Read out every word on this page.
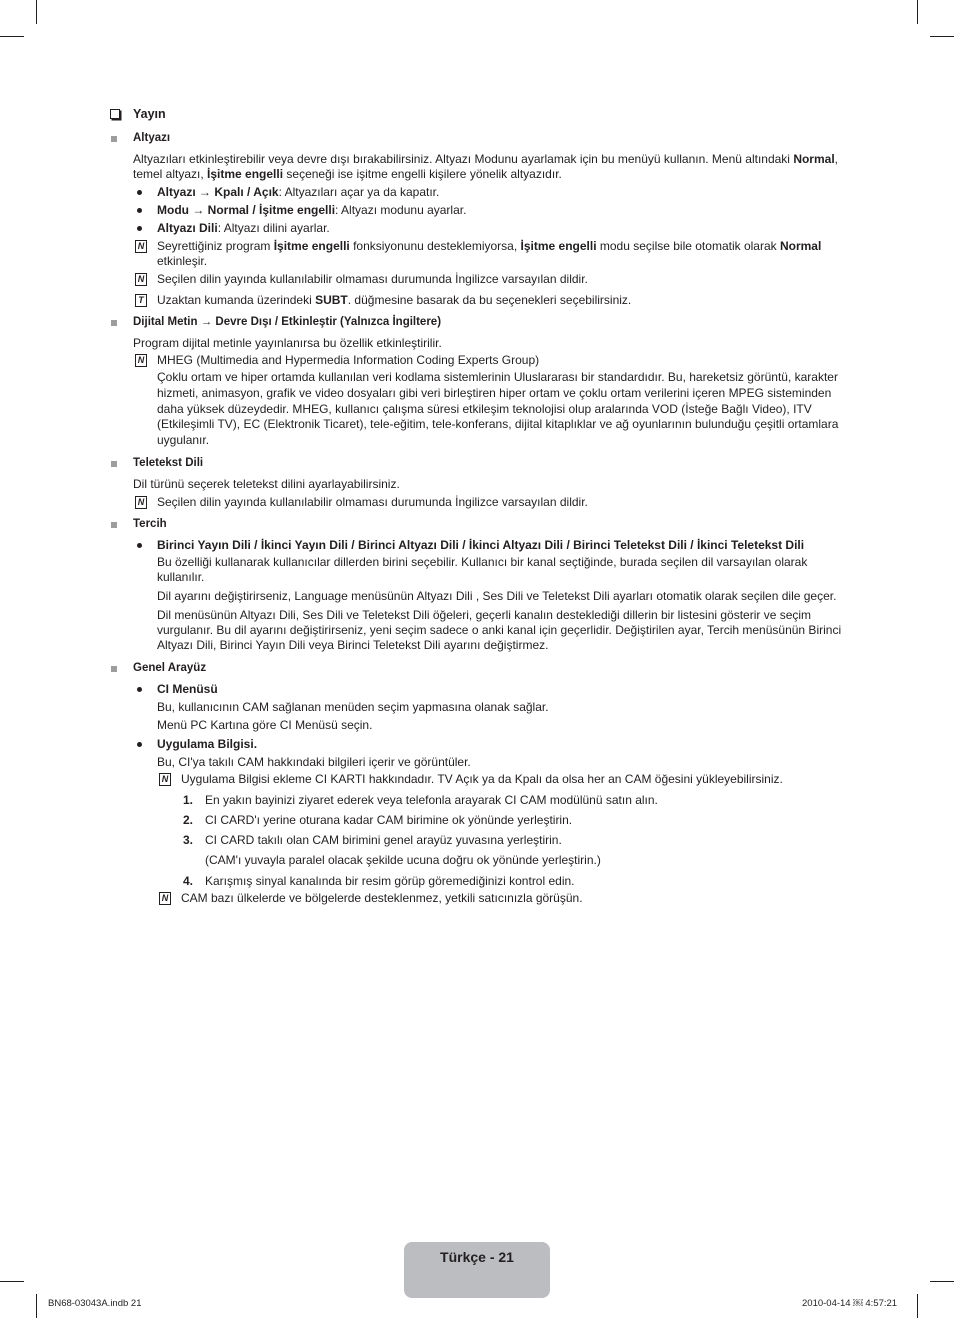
Yayın
Altyazı
Altyazıları etkinleştirebilir veya devre dışı bırakabilirsiniz. Altyazı Modunu ayarlamak için bu menüyü kullanın. Menü altındaki Normal, temel altyazı, İşitme engelli seçeneği ise işitme engelli kişilere yönelik altyazıdır.
Altyazı → Kpalı / Açık: Altyazıları açar ya da kapatır.
Modu → Normal / İşitme engelli: Altyazı modunu ayarlar.
Altyazı Dili: Altyazı dilini ayarlar.
N Seyrettiğiniz program İşitme engelli fonksiyonunu desteklemiyorsa, İşitme engelli modu seçilse bile otomatik olarak Normal etkinleşir.
N Seçilen dilin yayında kullanılabilir olmaması durumunda İngilizce varsayılan dildir.
T Uzaktan kumanda üzerindeki SUBT. düğmesine basarak da bu seçenekleri seçebilirsiniz.
Dijital Metin → Devre Dışı / Etkinleştir (Yalnızca İngiltere)
Program dijital metinle yayınlanırsa bu özellik etkinleştirilir.
N MHEG (Multimedia and Hypermedia Information Coding Experts Group)
Çoklu ortam ve hiper ortamda kullanılan veri kodlama sistemlerinin Uluslararası bir standardıdır. Bu, hareketsiz görüntü, karakter hizmeti, animasyon, grafik ve video dosyaları gibi veri birleştiren hiper ortam ve çoklu ortam verilerini içeren MPEG sisteminden daha yüksek düzeydedir. MHEG, kullanıcı çalışma süresi etkileşim teknolojisi olup aralarında VOD (İsteğe Bağlı Video), ITV (Etkileşimli TV), EC (Elektronik Ticaret), tele-eğitim, tele-konferans, dijital kitaplıklar ve ağ oyunlarının bulunduğu çeşitli ortamlara uygulanır.
Teletekst Dili
Dil türünü seçerek teletekst dilini ayarlayabilirsiniz.
N Seçilen dilin yayında kullanılabilir olmaması durumunda İngilizce varsayılan dildir.
Tercih
Birinci Yayın Dili / İkinci Yayın Dili / Birinci Altyazı Dili / İkinci Altyazı Dili / Birinci Teletekst Dili / İkinci Teletekst Dili
Bu özelliği kullanarak kullanıcılar dillerden birini seçebilir. Kullanıcı bir kanal seçtiğinde, burada seçilen dil varsayılan olarak kullanılır.
Dil ayarını değiştirirseniz, Language menüsünün Altyazı Dili , Ses Dili ve Teletekst Dili ayarları otomatik olarak seçilen dile geçer.
Dil menüsünün Altyazı Dili, Ses Dili ve Teletekst Dili öğeleri, geçerli kanalın desteklediği dillerin bir listesini gösterir ve seçim vurgulanır. Bu dil ayarını değiştirirseniz, yeni seçim sadece o anki kanal için geçerlidir. Değiştirilen ayar, Tercih menüsünün Birinci Altyazı Dili, Birinci Yayın Dili veya Birinci Teletekst Dili ayarını değiştirmez.
Genel Arayüz
CI Menüsü
Bu, kullanıcının CAM sağlanan menüden seçim yapmasına olanak sağlar.
Menü PC Kartına göre CI Menüsü seçin.
Uygulama Bilgisi.
Bu, CI'ya takılı CAM hakkındaki bilgileri içerir ve görüntüler.
N Uygulama Bilgisi ekleme CI KARTI hakkındadır. TV Açık ya da Kpalı da olsa her an CAM öğesini yükleyebilirsiniz.
1. En yakın bayinizi ziyaret ederek veya telefonla arayarak CI CAM modülünü satın alın.
2. CI CARD'ı yerine oturana kadar CAM birimine ok yönünde yerleştirin.
3. CI CARD takılı olan CAM birimini genel arayüz yuvasına yerleştirin.
(CAM'ı yuvayla paralel olacak şekilde ucuna doğru ok yönünde yerleştirin.)
4. Karışmış sinyal kanalında bir resim görüp göremediğinizi kontrol edin.
N CAM bazı ülkelerde ve bölgelerde desteklenmez, yetkili satıcınızla görüşün.
Türkçe - 21
BN68-03043A.indb 21	2010-04-14 ￼ 4:57:21
